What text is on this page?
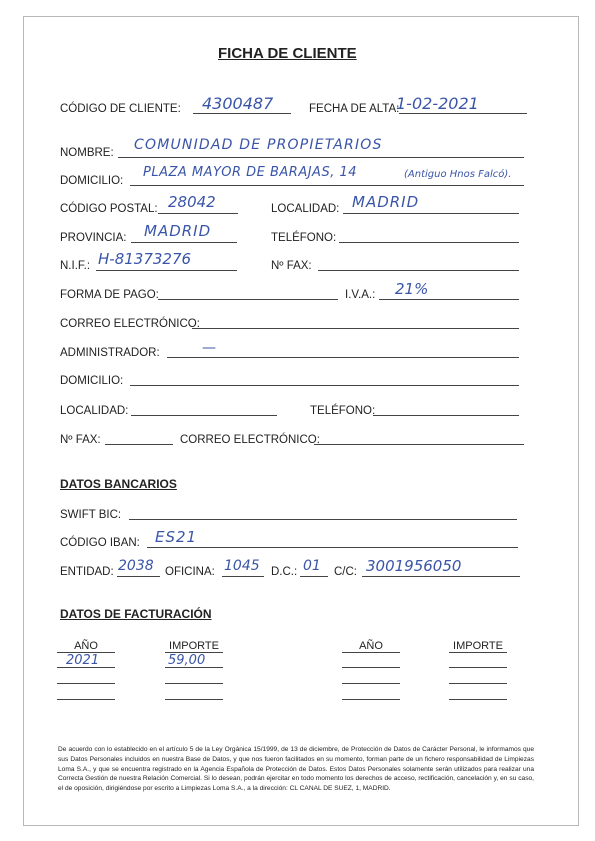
FICHA DE CLIENTE
CÓDIGO DE CLIENTE: 4300487	FECHA DE ALTA:
1-02-2021
NOMBRE: COMUNIDAD DE PROPIETARIOS
DOMICILIO:
PLAZA MAYOR DE BARAJAS, 14	(Antiguo Hnos Falcó).
CÓDIGO POSTAL: 28042	LOCALIDAD: MADRID
PROVINCIA: MADRID	TELÉFONO:
N.I.F.: H-81373276	Nº FAX:
FORMA DE PAGO:	I.V.A.: 21%
CORREO ELECTRÓNICO:
ADMINISTRADOR:	—
DOMICILIO:
LOCALIDAD:	TELÉFONO:
Nº FAX:	CORREO ELECTRÓNICO:
DATOS BANCARIOS
SWIFT BIC:
CÓDIGO IBAN: ES21
ENTIDAD: 2038 OFICINA: 1045 D.C.: 01 C/C: 3001956050
DATOS DE FACTURACIÓN
AÑO	IMPORTE	AÑO	IMPORTE
2021	59,00
De acuerdo con lo establecido en el artículo 5 de la Ley Orgánica 15/1999, de 13 de diciembre, de Protección de Datos de Carácter Personal, le informamos que sus Datos Personales incluidos en nuestra Base de Datos, y que nos fueron facilitados en su momento, forman parte de un fichero responsabilidad de Limpiezas Loma S.A., y que se encuentra registrado en la Agencia Española de Protección de Datos. Estos Datos Personales solamente serán utilizados para realizar una Correcta Gestión de nuestra Relación Comercial. Si lo desean, podrán ejercitar en todo momento los derechos de acceso, rectificación, cancelación y, en su caso, el de oposición, dirigiéndose por escrito a Limpiezas Loma S.A., a la dirección: CL CANAL DE SUEZ, 1, MADRID.
